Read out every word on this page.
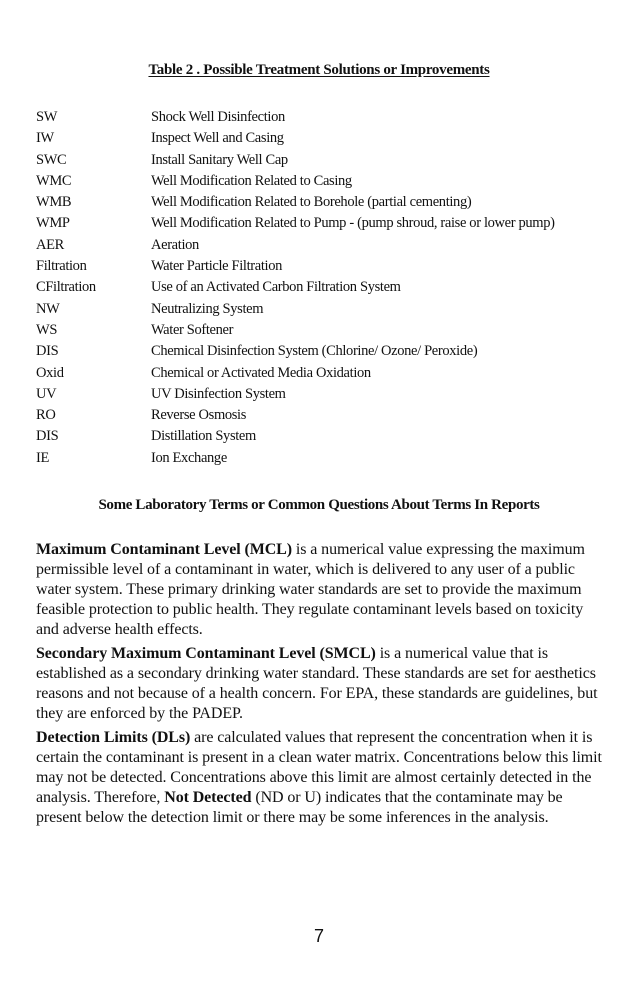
Table 2 . Possible Treatment Solutions or Improvements
SW	Shock Well Disinfection
IW	Inspect Well and Casing
SWC	Install Sanitary Well Cap
WMC	Well Modification Related to Casing
WMB	Well Modification Related to Borehole (partial cementing)
WMP	Well Modification Related to Pump - (pump shroud, raise or lower pump)
AER	Aeration
Filtration	Water Particle Filtration
CFiltration	Use of an Activated Carbon Filtration System
NW	Neutralizing System
WS	Water Softener
DIS	Chemical Disinfection System (Chlorine/ Ozone/ Peroxide)
Oxid	Chemical or Activated Media Oxidation
UV	UV Disinfection System
RO	Reverse Osmosis
DIS	Distillation System
IE	Ion Exchange
Some Laboratory Terms or Common Questions About Terms In Reports

Maximum Contaminant Level (MCL) is a numerical value expressing the maximum permissible level of a contaminant in water, which is delivered to any user of a public water system. These primary drinking water standards are set to provide the maximum feasible protection to public health. They regulate contaminant levels based on toxicity and adverse health effects.

Secondary Maximum Contaminant Level (SMCL) is a numerical value that is established as a secondary drinking water standard. These standards are set for aesthetics reasons and not because of a health concern. For EPA, these standards are guidelines, but they are enforced by the PADEP.

Detection Limits (DLs) are calculated values that represent the concentration when it is certain the contaminant is present in a clean water matrix. Concentrations below this limit may not be detected. Concentrations above this limit are almost certainly detected in the analysis. Therefore, Not Detected (ND or U) indicates that the contaminate may be present below the detection limit or there may be some inferences in the analysis.

7
